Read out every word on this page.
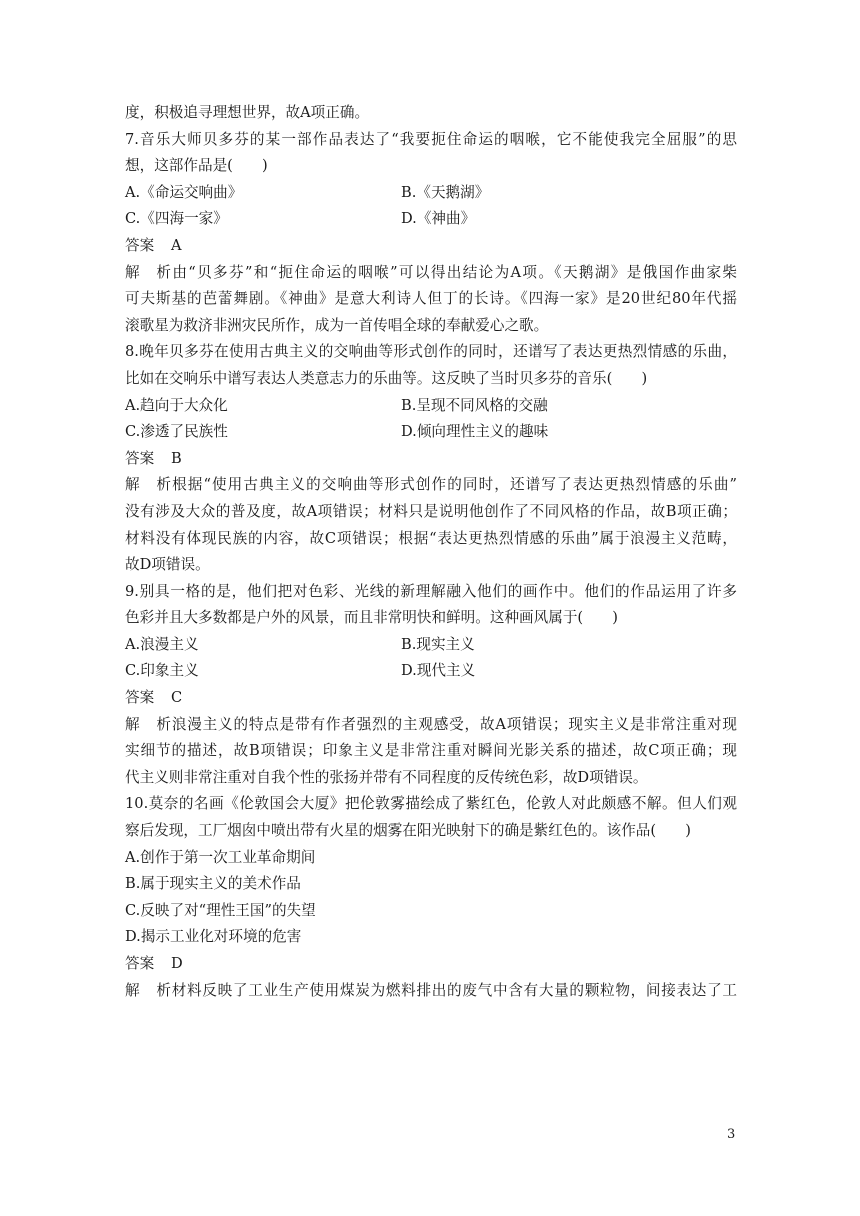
度，积极追寻理想世界，故A项正确。
7.音乐大师贝多芬的某一部作品表达了“我要扼住命运的咽喉，它不能使我完全屈服”的思
想，这部作品是(　　)
A.《命运交响曲》	B.《天鹅湖》
C.《四海一家》	D.《神曲》
答案 A
解析由“贝多芬”和“扼住命运的咽喉”可以得出结论为A项。《天鹅湖》是俄国作曲家柴
可夫斯基的芭蕾舞剧。《神曲》是意大利诗人但丁的长诗。《四海一家》是20世纪80年代摇
滚歌星为救济非洲灾民所作，成为一首传唱全球的奉献爱心之歌。
8.晚年贝多芬在使用古典主义的交响曲等形式创作的同时，还谱写了表达更热烈情感的乐曲，
比如在交响乐中谱写表达人类意志力的乐曲等。这反映了当时贝多芬的音乐(　　)
A.趋向于大众化	B.呈现不同风格的交融
C.渗透了民族性	D.倾向理性主义的趣味
答案 B
解析根据“使用古典主义的交响曲等形式创作的同时，还谱写了表达更热烈情感的乐曲”
没有涉及大众的普及度，故A项错误；材料只是说明他创作了不同风格的作品，故B项正确；
材料没有体现民族的内容，故C项错误；根据“表达更热烈情感的乐曲”属于浪漫主义范畴，
故D项错误。
9.别具一格的是，他们把对色彩、光线的新理解融入他们的画作中。他们的作品运用了许多
色彩并且大多数都是户外的风景，而且非常明快和鲜明。这种画风属于(　　)
A.浪漫主义	B.现实主义
C.印象主义	D.现代主义
答案 C
解析浪漫主义的特点是带有作者强烈的主观感受，故A项错误；现实主义是非常注重对现
实细节的描述，故B项错误；印象主义是非常注重对瞬间光影关系的描述，故C项正确；现
代主义则非常注重对自我个性的张扬并带有不同程度的反传统色彩，故D项错误。
10.莫奈的名画《伦敦国会大厦》把伦敦雾描绘成了紫红色，伦敦人对此颇感不解。但人们观
察后发现，工厂烟囱中喷出带有火星的烟雾在阳光映射下的确是紫红色的。该作品(　　)
A.创作于第一次工业革命期间
B.属于现实主义的美术作品
C.反映了对“理性王国”的失望
D.揭示工业化对环境的危害
答案 D
解析材料反映了工业生产使用煤炭为燃料排出的废气中含有大量的颗粒物，间接表达了工
3
